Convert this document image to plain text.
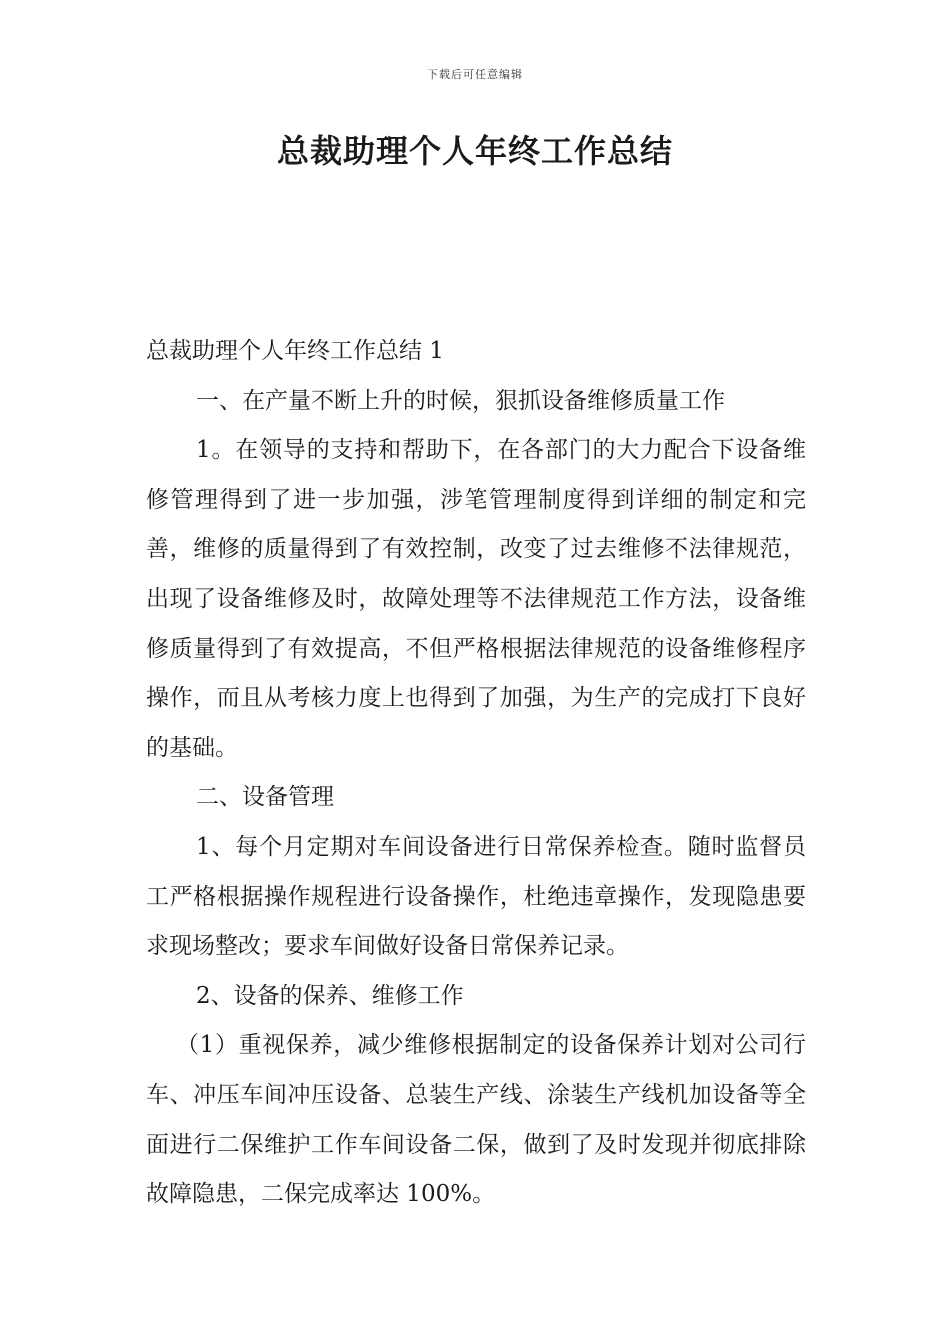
下载后可任意编辑
总裁助理个人年终工作总结

总裁助理个人年终工作总结 1

一、在产量不断上升的时候，狠抓设备维修质量工作

1。在领导的支持和帮助下，在各部门的大力配合下设备维修管理得到了进一步加强，涉笔管理制度得到详细的制定和完善，维修的质量得到了有效控制，改变了过去维修不法律规范，出现了设备维修及时，故障处理等不法律规范工作方法，设备维修质量得到了有效提高，不但严格根据法律规范的设备维修程序操作，而且从考核力度上也得到了加强，为生产的完成打下良好的基础。

二、设备管理

1、每个月定期对车间设备进行日常保养检查。随时监督员工严格根据操作规程进行设备操作，杜绝违章操作，发现隐患要求现场整改；要求车间做好设备日常保养记录。

2、设备的保养、维修工作

（1）重视保养，减少维修根据制定的设备保养计划对公司行车、冲压车间冲压设备、总装生产线、涂装生产线机加设备等全面进行二保维护工作车间设备二保，做到了及时发现并彻底排除故障隐患，二保完成率达 100%。
